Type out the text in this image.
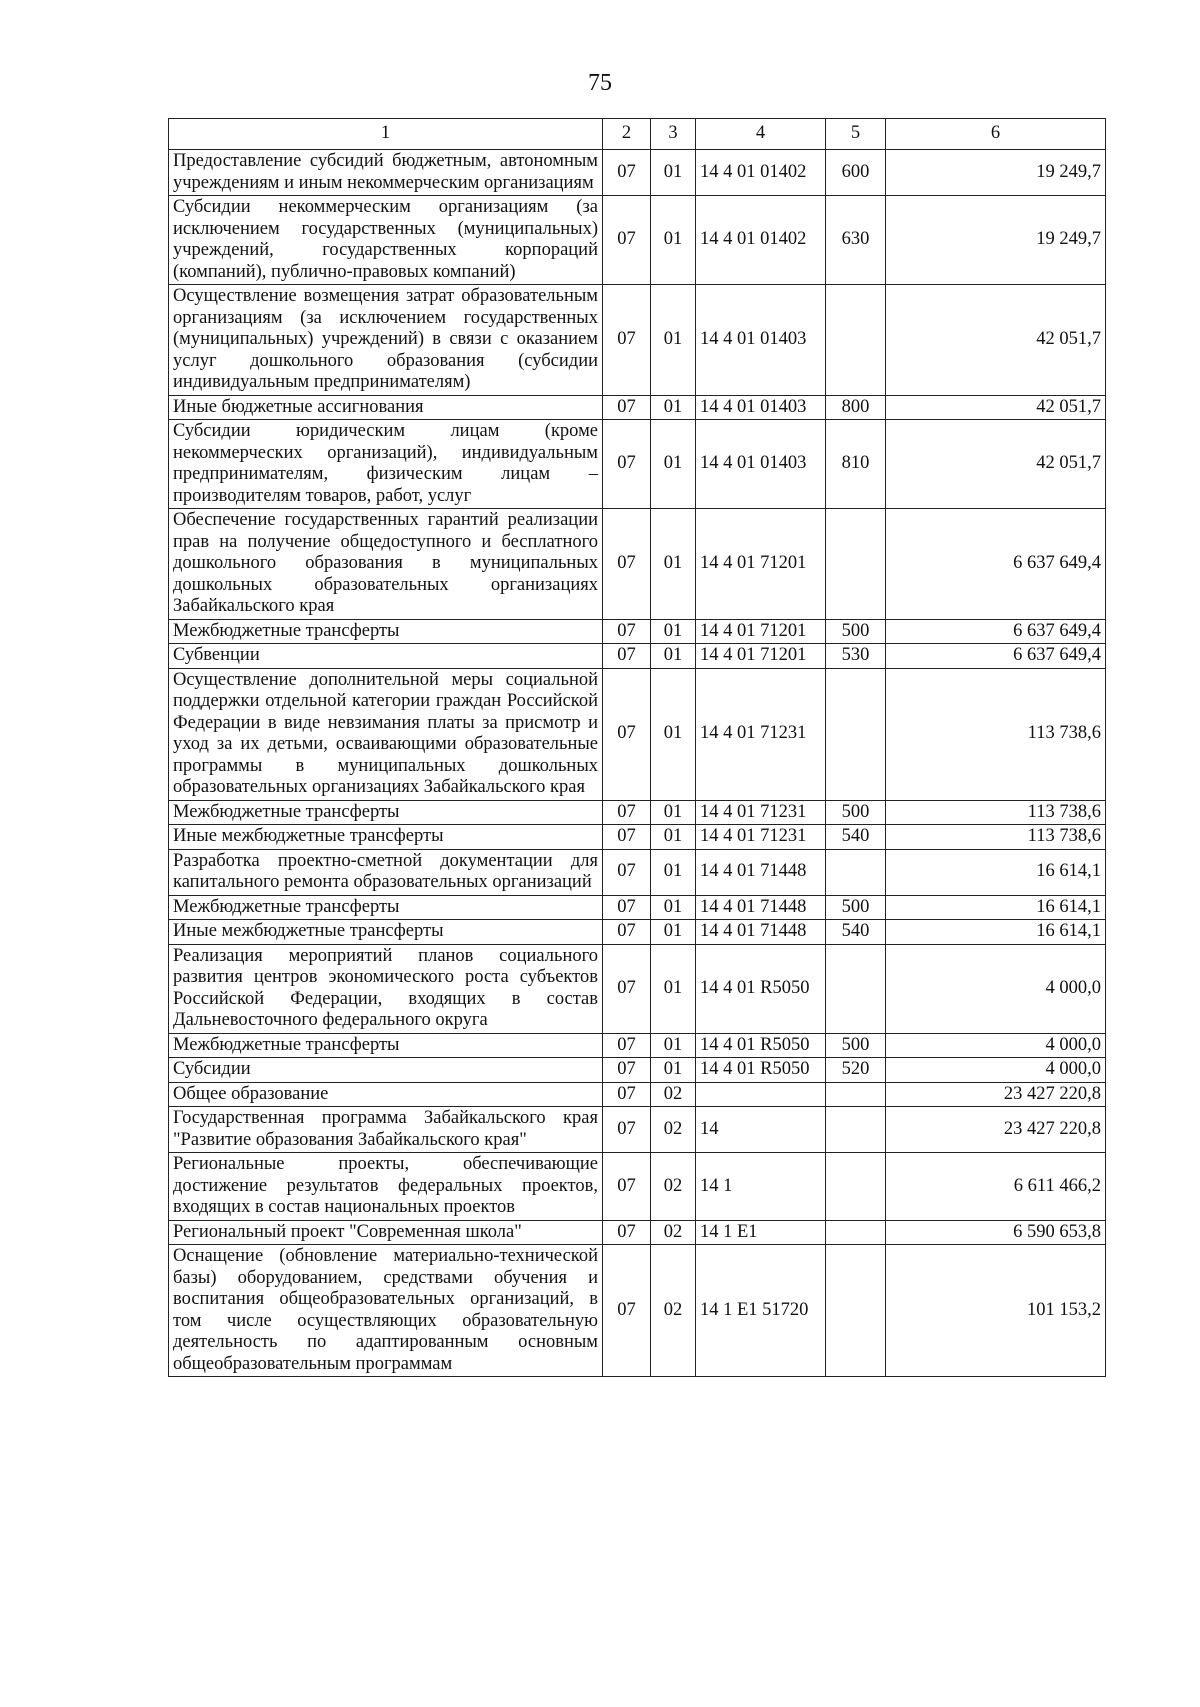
75
1	2	3	4	5	6
Предоставление субсидий бюджетным, автономным учреждениям и иным некоммерческим организациям	07	01	14 4 01 01402	600	19 249,7
Субсидии некоммерческим организациям (за исключением государственных (муниципальных) учреждений, государственных корпораций (компаний), публично-правовых компаний)	07	01	14 4 01 01402	630	19 249,7
Осуществление возмещения затрат образовательным организациям (за исключением государственных (муниципальных) учреждений) в связи с оказанием услуг дошкольного образования (субсидии индивидуальным предпринимателям)	07	01	14 4 01 01403		42 051,7
Иные бюджетные ассигнования	07	01	14 4 01 01403	800	42 051,7
Субсидии юридическим лицам (кроме некоммерческих организаций), индивидуальным предпринимателям, физическим лицам – производителям товаров, работ, услуг	07	01	14 4 01 01403	810	42 051,7
Обеспечение государственных гарантий реализации прав на получение общедоступного и бесплатного дошкольного образования в муниципальных дошкольных образовательных организациях Забайкальского края	07	01	14 4 01 71201		6 637 649,4
Межбюджетные трансферты	07	01	14 4 01 71201	500	6 637 649,4
Субвенции	07	01	14 4 01 71201	530	6 637 649,4
Осуществление дополнительной меры социальной поддержки отдельной категории граждан Российской Федерации в виде невзимания платы за присмотр и уход за их детьми, осваивающими образовательные программы в муниципальных дошкольных образовательных организациях Забайкальского края	07	01	14 4 01 71231		113 738,6
Межбюджетные трансферты	07	01	14 4 01 71231	500	113 738,6
Иные межбюджетные трансферты	07	01	14 4 01 71231	540	113 738,6
Разработка проектно-сметной документации для капитального ремонта образовательных организаций	07	01	14 4 01 71448		16 614,1
Межбюджетные трансферты	07	01	14 4 01 71448	500	16 614,1
Иные межбюджетные трансферты	07	01	14 4 01 71448	540	16 614,1
Реализация мероприятий планов социального развития центров экономического роста субъектов Российской Федерации, входящих в состав Дальневосточного федерального округа	07	01	14 4 01 R5050		4 000,0
Межбюджетные трансферты	07	01	14 4 01 R5050	500	4 000,0
Субсидии	07	01	14 4 01 R5050	520	4 000,0
Общее образование	07	02			23 427 220,8
Государственная программа Забайкальского края "Развитие образования Забайкальского края"	07	02	14		23 427 220,8
Региональные проекты, обеспечивающие достижение результатов федеральных проектов, входящих в состав национальных проектов	07	02	14 1		6 611 466,2
Региональный проект "Современная школа"	07	02	14 1 E1		6 590 653,8
Оснащение (обновление материально-технической базы) оборудованием, средствами обучения и воспитания общеобразовательных организаций, в том числе осуществляющих образовательную деятельность по адаптированным основным общеобразовательным программам	07	02	14 1 E1 51720		101 153,2
